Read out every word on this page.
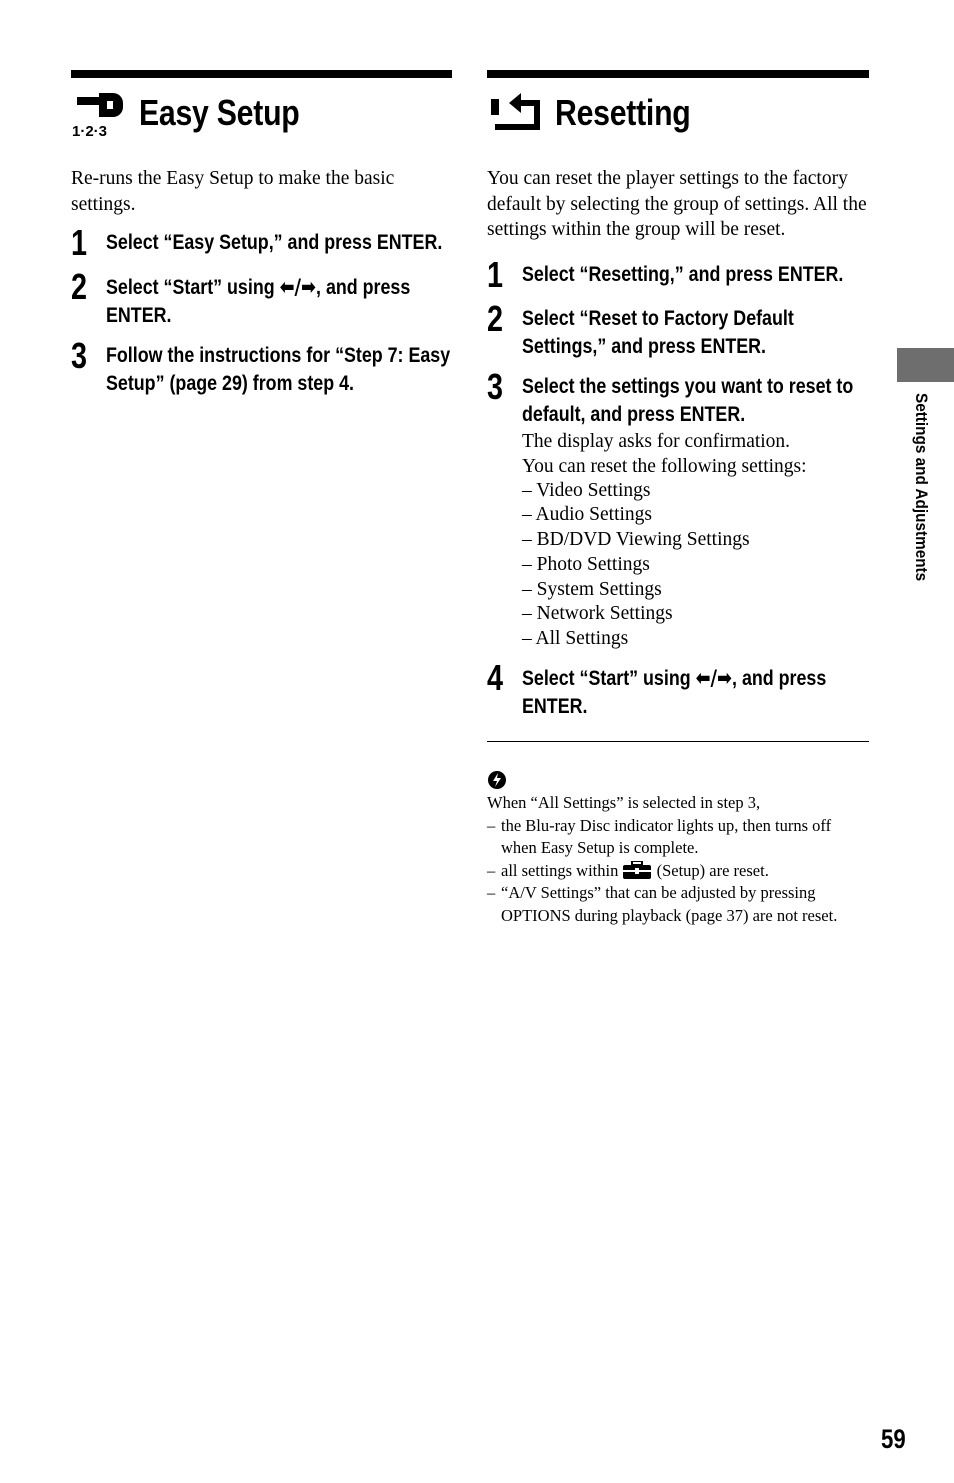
1·2·3 Easy Setup

Re-runs the Easy Setup to make the basic settings.

1 Select “Easy Setup,” and press ENTER.
2 Select “Start” using ⬅/➡, and press ENTER.
3 Follow the instructions for “Step 7: Easy Setup” (page 29) from step 4.
Resetting

You can reset the player settings to the factory default by selecting the group of settings. All the settings within the group will be reset.

1 Select “Resetting,” and press ENTER.
2 Select “Reset to Factory Default Settings,” and press ENTER.
3 Select the settings you want to reset to default, and press ENTER.
The display asks for confirmation.
You can reset the following settings:
– Video Settings
– Audio Settings
– BD/DVD Viewing Settings
– Photo Settings
– System Settings
– Network Settings
– All Settings
4 Select “Start” using ⬅/➡, and press ENTER.
When “All Settings” is selected in step 3,
– the Blu-ray Disc indicator lights up, then turns off when Easy Setup is complete.
– all settings within  (Setup) are reset.
– “A/V Settings” that can be adjusted by pressing OPTIONS during playback (page 37) are not reset.
Settings and Adjustments
59
